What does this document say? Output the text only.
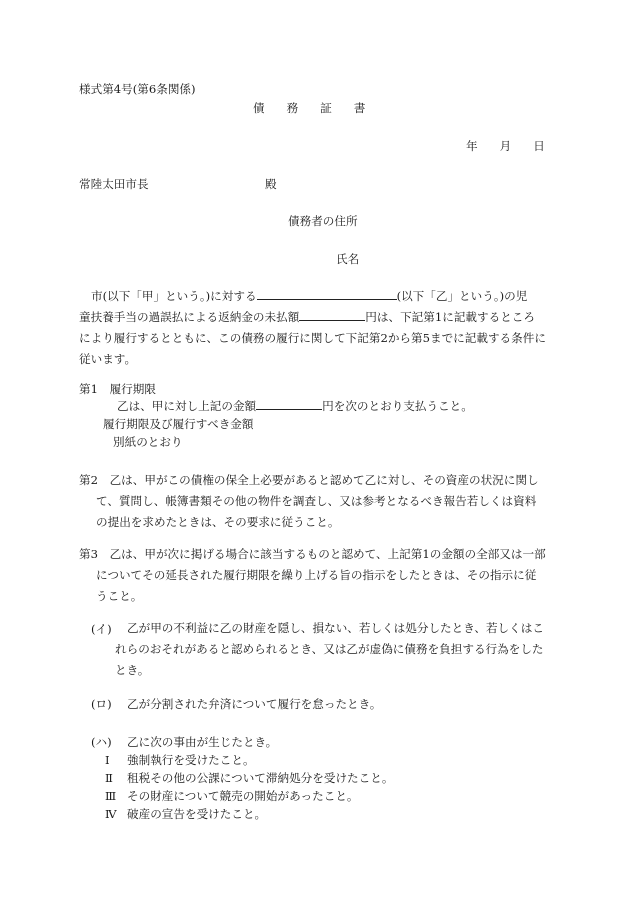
様式第4号(第6条関係)
債務証書
年 月 日
常陸太田市長	殿
債務者の住所
氏名
市(以下「甲」という。)に対する	(以下「乙」という。)の児
童扶養手当の過誤払による返納金の未払額	円は、下記第1に記載するところ
により履行するとともに、この債務の履行に関して下記第2から第5までに記載する条件に
従います。
第1　履行期限
乙は、甲に対し上記の金額	円を次のとおり支払うこと。
履行期限及び履行すべき金額
別紙のとおり
第2　乙は、甲がこの債権の保全上必要があると認めて乙に対し、その資産の状況に関し
て、質問し、帳簿書類その他の物件を調査し、又は参考となるべき報告若しくは資料
の提出を求めたときは、その要求に従うこと。
第3　乙は、甲が次に掲げる場合に該当するものと認めて、上記第1の金額の全部又は一部
についてその延長された履行期限を繰り上げる旨の指示をしたときは、その指示に従
うこと。
(イ) 乙が甲の不利益に乙の財産を隠し、損ない、若しくは処分したとき、若しくはこ
れらのおそれがあると認められるとき、又は乙が虚偽に債務を負担する行為をした
とき。
(ロ) 乙が分割された弁済について履行を怠ったとき。
(ハ) 乙に次の事由が生じたとき。
Ⅰ 強制執行を受けたこと。
Ⅱ 租税その他の公課について滞納処分を受けたこと。
Ⅲ その財産について競売の開始があったこと。
Ⅳ 破産の宣告を受けたこと。
